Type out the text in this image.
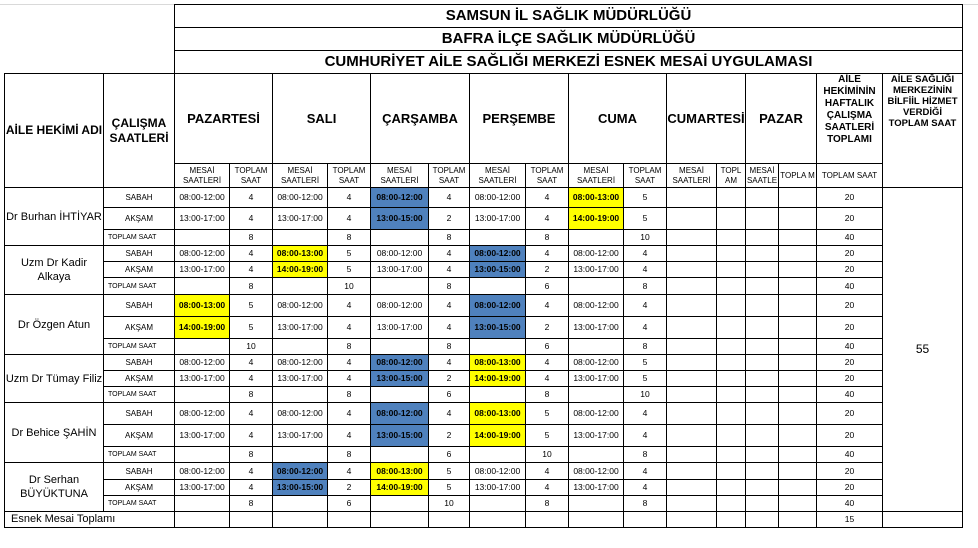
		SAMSUN İL SAĞLIK MÜDÜRLÜĞÜ															
		BAFRA İLÇE SAĞLIK MÜDÜRLÜĞÜ															
		CUMHURİYET AİLE SAĞLIĞI MERKEZİ ESNEK MESAİ UYGULAMASI															
AİLE HEKİMİ ADI	ÇALIŞMA SAATLERİ	PAZARTESİ		SALI		ÇARŞAMBA		PERŞEMBE		CUMA		CUMARTESİ		PAZAR		AİLE HEKİMİNİN HAFTALIK ÇALIŞMA SAATLERİ TOPLAMI	AİLE SAĞLIĞI MERKEZİNİN BİLFİİL HİZMET VERDİĞİ TOPLAM SAAT
		MESAİ SAATLERİ	TOPLAM SAAT	MESAİ SAATLERİ	TOPLAM SAAT	MESAİ SAATLERİ	TOPLAM SAAT	MESAİ SAATLERİ	TOPLAM SAAT	MESAİ SAATLERİ	TOPLAM SAAT	MESAİ SAATLERİ	TOPL AM	MESAİ SAATLE	TOPLA M	TOPLAM SAAT	
Dr Burhan İHTİYAR	SABAH	08:00-12:00	4	08:00-12:00	4	08:00-12:00	4	08:00-12:00	4	08:00-13:00	5					20	55
	AKŞAM	13:00-17:00	4	13:00-17:00	4	13:00-15:00	2	13:00-17:00	4	14:00-19:00	5					20	
	TOPLAM SAAT		8		8		8		8		10					40	
Uzm Dr Kadir Alkaya	SABAH	08:00-12:00	4	08:00-13:00	5	08:00-12:00	4	08:00-12:00	4	08:00-12:00	4					20	
	AKŞAM	13:00-17:00	4	14:00-19:00	5	13:00-17:00	4	13:00-15:00	2	13:00-17:00	4					20	
	TOPLAM SAAT		8		10		8		6		8					40	
Dr Özgen Atun	SABAH	08:00-13:00	5	08:00-12:00	4	08:00-12:00	4	08:00-12:00	4	08:00-12:00	4					20	
	AKŞAM	14:00-19:00	5	13:00-17:00	4	13:00-17:00	4	13:00-15:00	2	13:00-17:00	4					20	
	TOPLAM SAAT		10		8		8		6		8					40	
Uzm Dr Tümay Filiz	SABAH	08:00-12:00	4	08:00-12:00	4	08:00-12:00	4	08:00-13:00	4	08:00-12:00	5					20	
	AKŞAM	13:00-17:00	4	13:00-17:00	4	13:00-15:00	2	14:00-19:00	4	13:00-17:00	5					20	
	TOPLAM SAAT		8		8		6		8		10					40	
Dr Behice ŞAHİN	SABAH	08:00-12:00	4	08:00-12:00	4	08:00-12:00	4	08:00-13:00	5	08:00-12:00	4					20	
	AKŞAM	13:00-17:00	4	13:00-17:00	4	13:00-15:00	2	14:00-19:00	5	13:00-17:00	4					20	
	TOPLAM SAAT		8		8		6		10		8					40	
Dr Serhan BÜYÜKTUNA	SABAH	08:00-12:00	4	08:00-12:00	4	08:00-13:00	5	08:00-12:00	4	08:00-12:00	4					20	
	AKŞAM	13:00-17:00	4	13:00-15:00	2	14:00-19:00	5	13:00-17:00	4	13:00-17:00	4					20	
	TOPLAM SAAT		8		6		10		8		8					40	
Esnek Mesai Toplamı																15	
